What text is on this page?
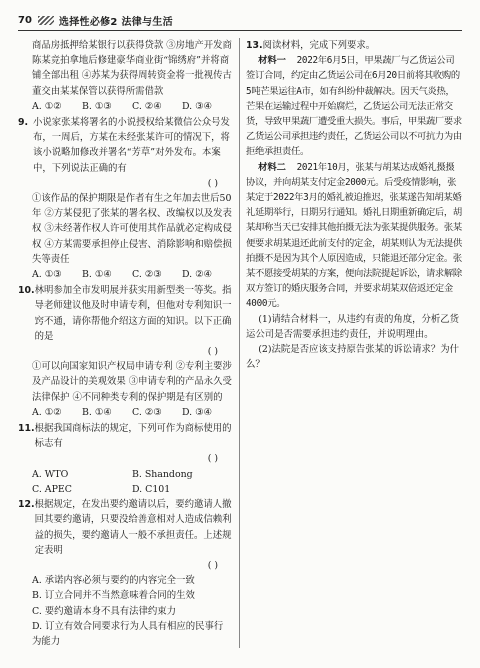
70	选择性必修2 法律与生活

商品房抵押给某银行以获得贷款 ③房地产开发商陈某竞拍拿地后修建豪华商业街“锦绣府”并将商铺全部出租 ④苏某为获得周转资金将一批视传古董交由某某保管以获得所需借款

A. ①②	B. ①③	C. ②④	D. ③④
9. 小说家张某将署名的小说授权给某微信公众号发布，一周后，方某在未经张某许可的情况下，将该小说略加修改并署名“芳草”对外发布。本案中，下列说法正确的有
( )

①该作品的保护期限是作者有生之年加去世后50年 ②方某侵犯了张某的署名权、改编权以及发表权 ③未经著作权人许可使用其作品就必定构成侵权 ④方某需要承担停止侵害、消除影响和赔偿损失等责任

A. ①③	B. ①④	C. ②③	D. ②④
10. 林明参加全市发明展并获实用新型类一等奖。指导老师建议他及时申请专利，但他对专利知识一窍不通，请你帮他介绍这方面的知识。以下正确的是
( )

①可以向国家知识产权局申请专利 ②专利主要涉及产品设计的美观效果 ③申请专利的产品永久受法律保护 ④不同种类专利的保护期是有区别的

A. ①②	B. ①④	C. ②③	D. ③④
11. 根据我国商标法的规定，下列可作为商标使用的标志有
( )
A. WTO	B. Shandong
C. APEC	D. C101
12. 根据规定，在发出要约邀请以后，要约邀请人撤回其要约邀请，只要没给善意相对人造成信赖利益的损失，要约邀请人一般不承担责任。上述规定表明
( )
A. 承诺内容必须与要约的内容完全一致
B. 订立合同并不当然意味着合同的生效
C. 要约邀请本身不具有法律约束力
D. 订立有效合同要求行为人具有相应的民事行为能力
13. 阅读材料，完成下列要求。

材料一 2022年6月5日，甲果蔬厂与乙货运公司签订合同，约定由乙货运公司在6月20日前将其收购的5吨芒果运往A市，如有纠纷仲裁解决。因天气炎热，芒果在运输过程中开始腐烂，乙货运公司无法正常交货，导致甲果蔬厂遭受重大损失。事后，甲果蔬厂要求乙货运公司承担违约责任，乙货运公司以不可抗力为由拒绝承担责任。

材料二 2021年10月，张某与胡某达成婚礼摄摄协议，并向胡某支付定金2000元。后受疫情影响，张某定于2022年3月的婚礼被迫推迟，张某遂告知胡某婚礼延期举行，日期另行通知。婚礼日期重新确定后，胡某却称当天已安排其他拍摄无法为张某提供服务。张某便要求胡某退还此前支付的定金，胡某则认为无法提供拍摄不是因为其个人原因造成，只能退还部分定金。张某不愿接受胡某的方案，便向法院提起诉讼，请求解除双方签订的婚庆服务合同，并要求胡某双倍返还定金4000元。

(1)请结合材料一，从违约有责的角度，分析乙货运公司是否需要承担违约责任，并说明理由。

(2)法院是否应该支持原告张某的诉讼请求？为什么？
